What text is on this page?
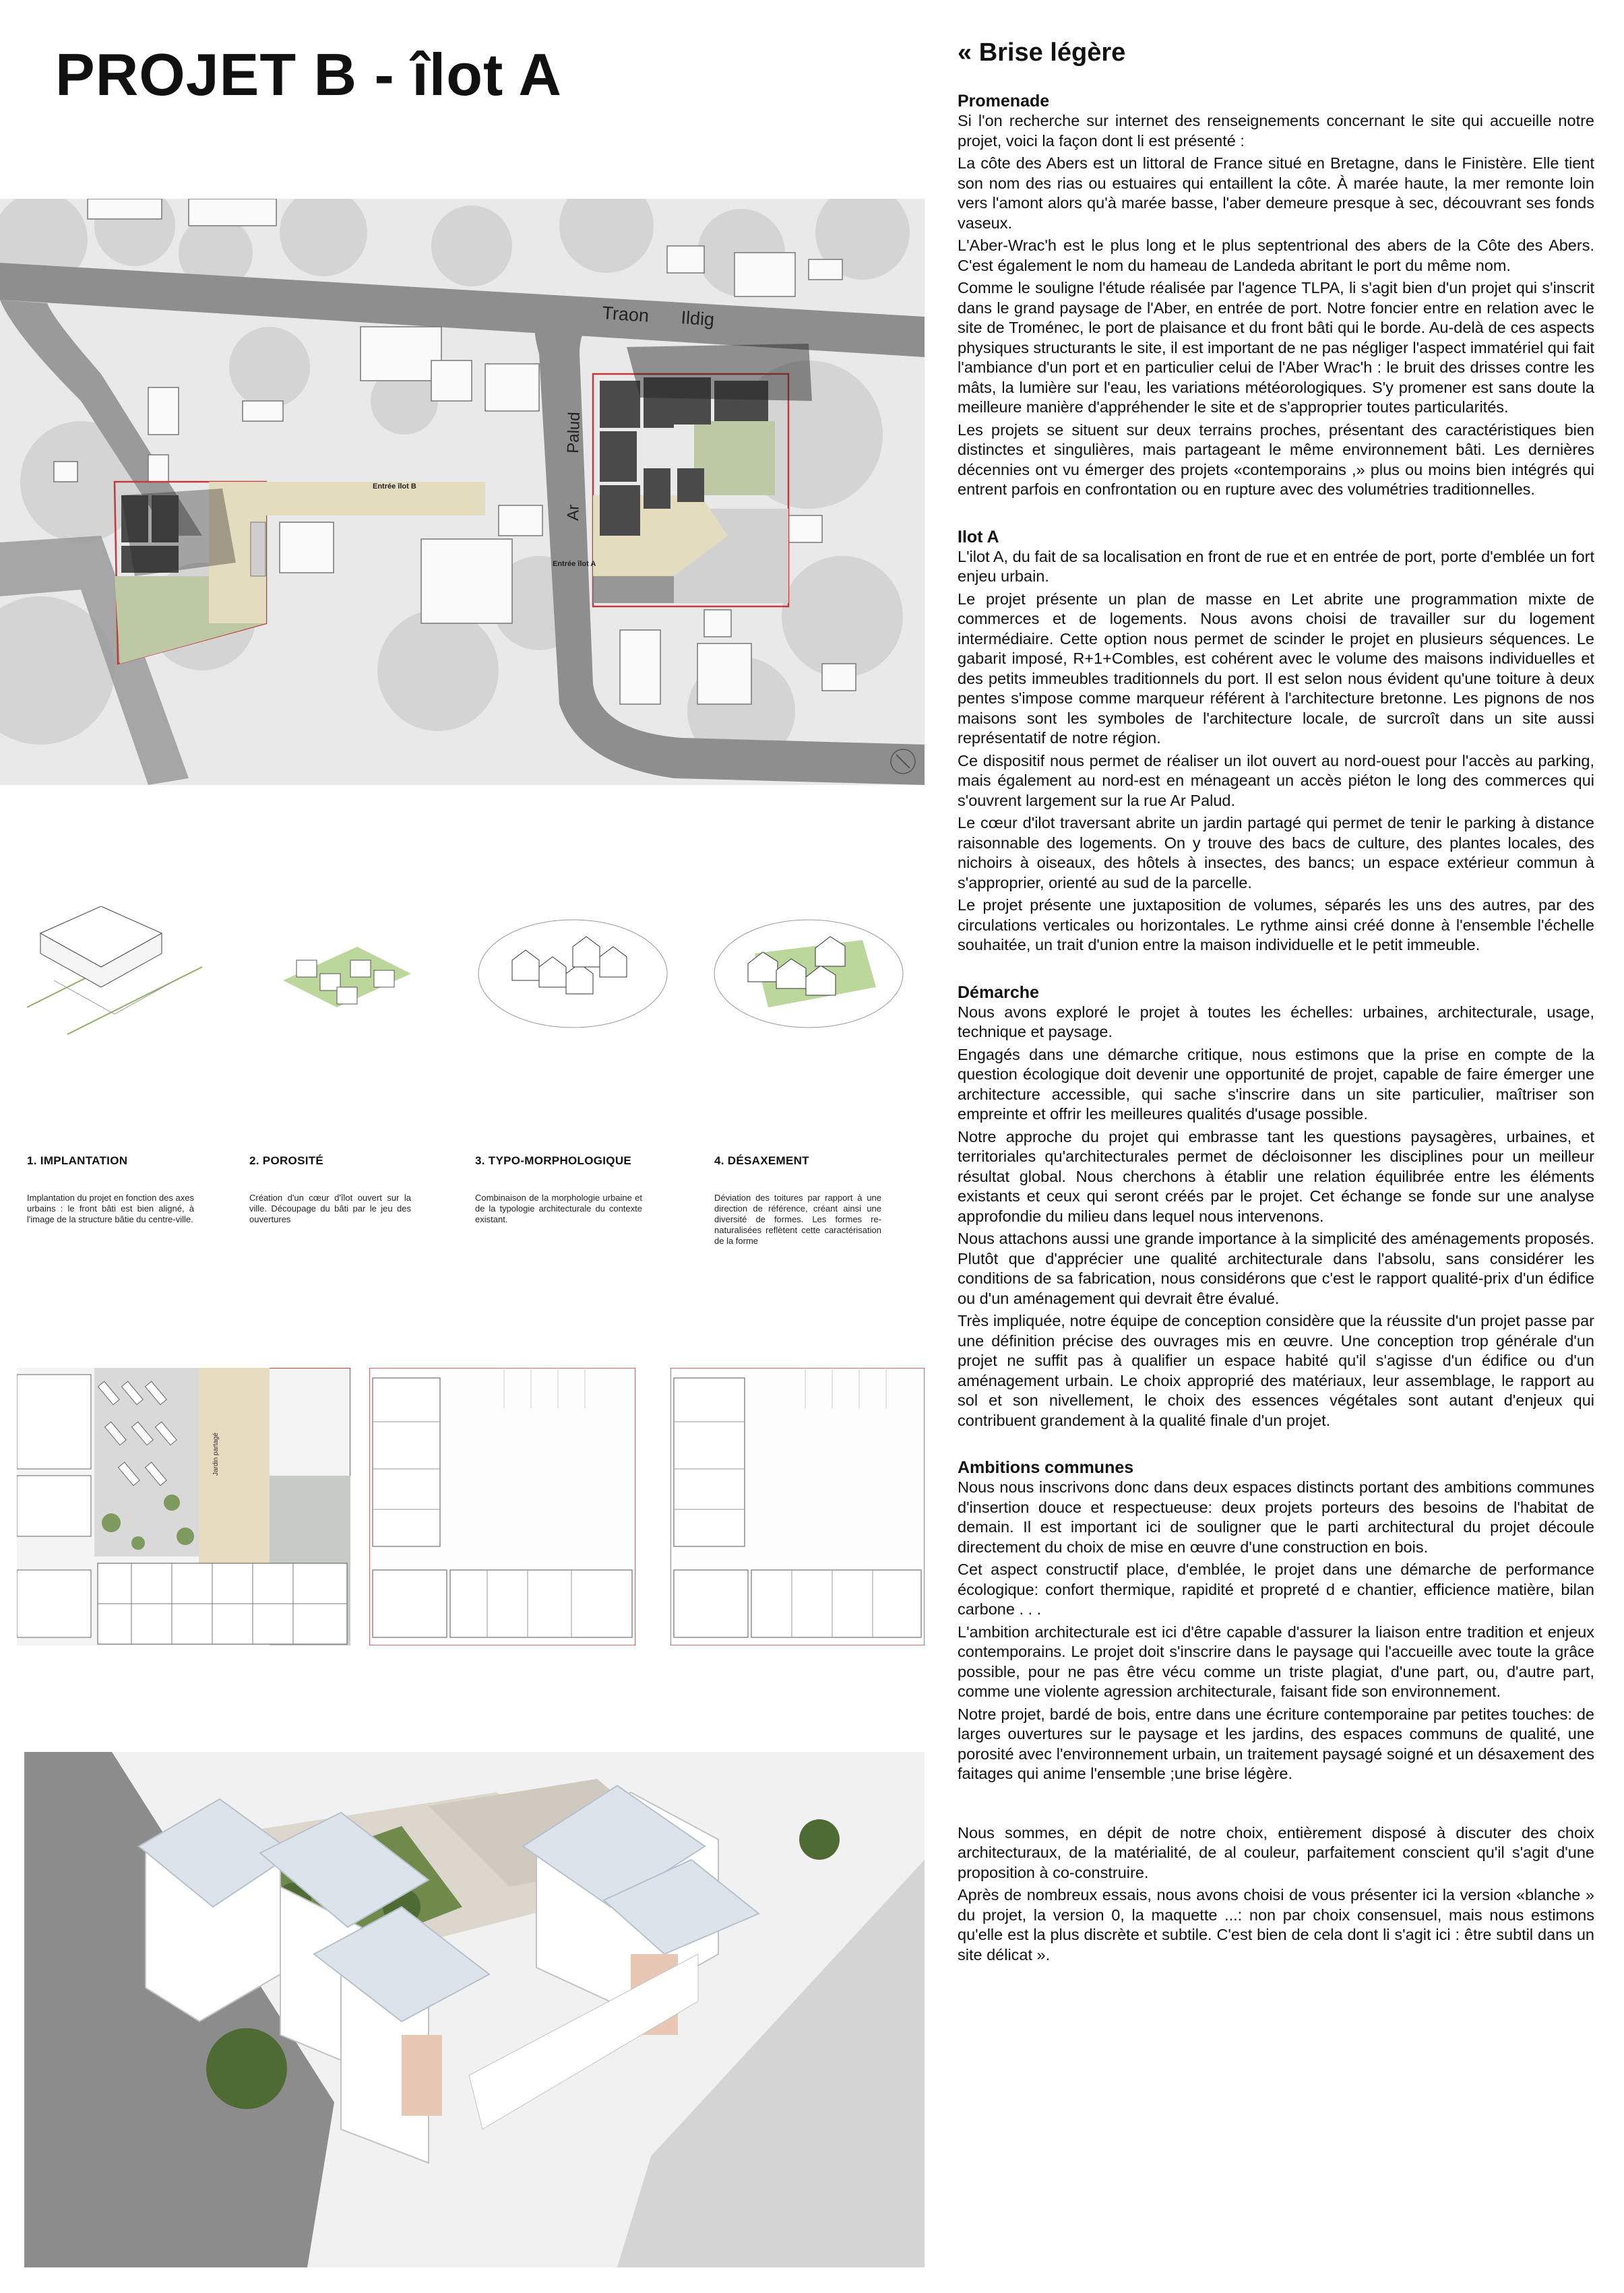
PROJET B - îlot A
Traon Ildig
Palud
Ar
Entrée îlot B
Entrée îlot A
1. IMPLANTATION	2. POROSITÉ	3. TYPO-MORPHOLOGIQUE	4. DÉSAXEMENT
Implantation du projet en fonction des axes urbains : le front bâti est bien aligné, à l'image de la structure bâtie du centre-ville.
Création d'un cœur d'îlot ouvert sur la ville. Découpage du bâti par le jeu des ouvertures
Combinaison de la morphologie urbaine et de la typologie architecturale du contexte existant.
Déviation des toitures par rapport à une direction de référence, créant ainsi une diversité de formes. Les formes re-naturalisées reflètent cette caractérisation de la forme
Jardin partagé
« Brise légère
Promenade

Si l'on recherche sur internet des renseignements concernant le site qui accueille notre projet, voici la façon dont li est présenté :

La côte des Abers est un littoral de France situé en Bretagne, dans le Finistère. Elle tient son nom des rias ou estuaires qui entaillent la côte. À marée haute, la mer remonte loin vers l'amont alors qu'à marée basse, l'aber demeure presque à sec, découvrant ses fonds vaseux.

L'Aber-Wrac'h est le plus long et le plus septentrional des abers de la Côte des Abers. C'est également le nom du hameau de Landeda abritant le port du même nom.

Comme le souligne l'étude réalisée par l'agence TLPA, li s'agit bien d'un projet qui s'inscrit dans le grand paysage de l'Aber, en entrée de port. Notre foncier entre en relation avec le site de Troménec, le port de plaisance et du front bâti qui le borde. Au-delà de ces aspects physiques structurants le site, il est important de ne pas négliger l'aspect immatériel qui fait l'ambiance d'un port et en particulier celui de l'Aber Wrac'h : le bruit des drisses contre les mâts, la lumière sur l'eau, les variations météorologiques. S'y promener est sans doute la meilleure manière d'appréhender le site et de s'approprier toutes particularités.

Les projets se situent sur deux terrains proches, présentant des caractéristiques bien distinctes et singulières, mais partageant le même environnement bâti. Les dernières décennies ont vu émerger des projets «contemporains ,» plus ou moins bien intégrés qui entrent parfois en confrontation ou en rupture avec des volumétries traditionnelles.

Ilot A

L'ilot A, du fait de sa localisation en front de rue et en entrée de port, porte d'emblée un fort enjeu urbain.

Le projet présente un plan de masse en Let abrite une programmation mixte de commerces et de logements. Nous avons choisi de travailler sur du logement intermédiaire. Cette option nous permet de scinder le projet en plusieurs séquences. Le gabarit imposé, R+1+Combles, est cohérent avec le volume des maisons individuelles et des petits immeubles traditionnels du port. Il est selon nous évident qu'une toiture à deux pentes s'impose comme marqueur référent à l'architecture bretonne. Les pignons de nos maisons sont les symboles de l'architecture locale, de surcroît dans un site aussi représentatif de notre région.

Ce dispositif nous permet de réaliser un ilot ouvert au nord-ouest pour l'accès au parking, mais également au nord-est en ménageant un accès piéton le long des commerces qui s'ouvrent largement sur la rue Ar Palud.

Le cœur d'ilot traversant abrite un jardin partagé qui permet de tenir le parking à distance raisonnable des logements. On y trouve des bacs de culture, des plantes locales, des nichoirs à oiseaux, des hôtels à insectes, des bancs; un espace extérieur commun à s'approprier, orienté au sud de la parcelle.

Le projet présente une juxtaposition de volumes, séparés les uns des autres, par des circulations verticales ou horizontales. Le rythme ainsi créé donne à l'ensemble l'échelle souhaitée, un trait d'union entre la maison individuelle et le petit immeuble.

Démarche

Nous avons exploré le projet à toutes les échelles: urbaines, architecturale, usage, technique et paysage.

Engagés dans une démarche critique, nous estimons que la prise en compte de la question écologique doit devenir une opportunité de projet, capable de faire émerger une architecture accessible, qui sache s'inscrire dans un site particulier, maîtriser son empreinte et offrir les meilleures qualités d'usage possible.

Notre approche du projet qui embrasse tant les questions paysagères, urbaines, et territoriales qu'architecturales permet de décloisonner les disciplines pour un meilleur résultat global. Nous cherchons à établir une relation équilibrée entre les éléments existants et ceux qui seront créés par le projet. Cet échange se fonde sur une analyse approfondie du milieu dans lequel nous intervenons.

Nous attachons aussi une grande importance à la simplicité des aménagements proposés. Plutôt que d'apprécier une qualité architecturale dans l'absolu, sans considérer les conditions de sa fabrication, nous considérons que c'est le rapport qualité-prix d'un édifice ou d'un aménagement qui devrait être évalué.

Très impliquée, notre équipe de conception considère que la réussite d'un projet passe par une définition précise des ouvrages mis en œuvre. Une conception trop générale d'un projet ne suffit pas à qualifier un espace habité qu'il s'agisse d'un édifice ou d'un aménagement urbain. Le choix approprié des matériaux, leur assemblage, le rapport au sol et son nivellement, le choix des essences végétales sont autant d'enjeux qui contribuent grandement à la qualité finale d'un projet.

Ambitions communes

Nous nous inscrivons donc dans deux espaces distincts portant des ambitions communes d'insertion douce et respectueuse: deux projets porteurs des besoins de l'habitat de demain. Il est important ici de souligner que le parti architectural du projet découle directement du choix de mise en œuvre d'une construction en bois.

Cet aspect constructif place, d'emblée, le projet dans une démarche de performance écologique: confort thermique, rapidité et propreté d e chantier, efficience matière, bilan carbone . . .

L'ambition architecturale est ici d'être capable d'assurer la liaison entre tradition et enjeux contemporains. Le projet doit s'inscrire dans le paysage qui l'accueille avec toute la grâce possible, pour ne pas être vécu comme un triste plagiat, d'une part, ou, d'autre part, comme une violente agression architecturale, faisant fide son environnement.

Notre projet, bardé de bois, entre dans une écriture contemporaine par petites touches: de larges ouvertures sur le paysage et les jardins, des espaces communs de qualité, une porosité avec l'environnement urbain, un traitement paysagé soigné et un désaxement des faitages qui anime l'ensemble ;une brise légère.

Nous sommes, en dépit de notre choix, entièrement disposé à discuter des choix architecturaux, de la matérialité, de al couleur, parfaitement conscient qu'il s'agit d'une proposition à co-construire.

Après de nombreux essais, nous avons choisi de vous présenter ici la version «blanche » du projet, la version 0, la maquette ...: non par choix consensuel, mais nous estimons qu'elle est la plus discrète et subtile. C'est bien de cela dont li s'agit ici : être subtil dans un site délicat ».
